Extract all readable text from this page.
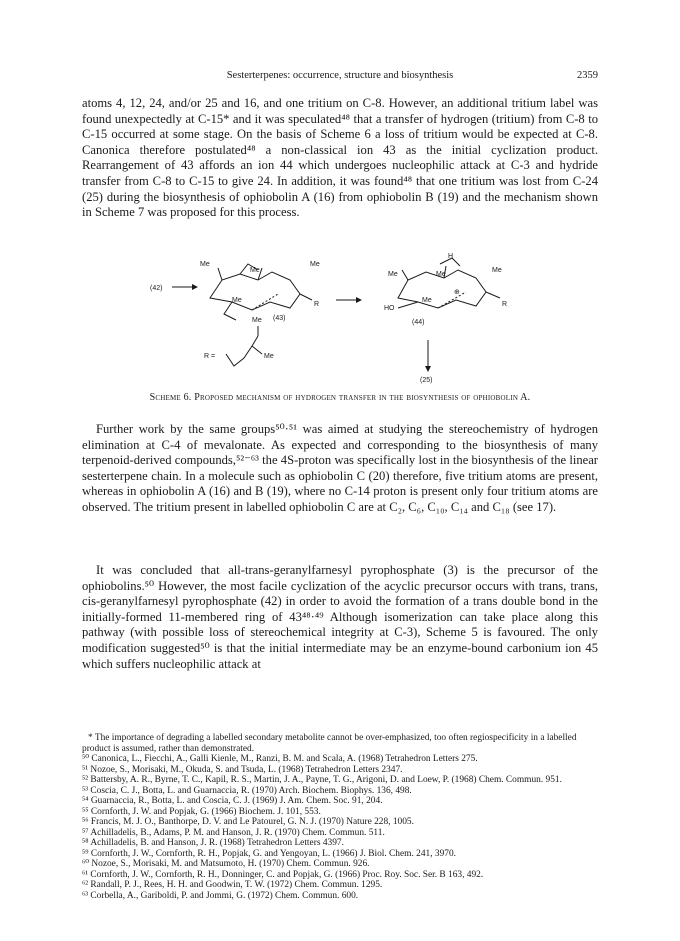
Sesterterpenes: occurrence, structure and biosynthesis	2359

atoms 4, 12, 24, and/or 25 and 16, and one tritium on C-8. However, an additional tritium label was found unexpectedly at C-15* and it was speculated⁴⁸ that a transfer of hydrogen (tritium) from C-8 to C-15 occurred at some stage. On the basis of Scheme 6 a loss of tritium would be expected at C-8. Canonica therefore postulated⁴⁸ a non-classical ion 43 as the initial cyclization product. Rearrangement of 43 affords an ion 44 which undergoes nucleophilic attack at C-3 and hydride transfer from C-8 to C-15 to give 24. In addition, it was found⁴⁸ that one tritium was lost from C-24 (25) during the biosynthesis of ophiobolin A (16) from ophiobolin B (19) and the mechanism shown in Scheme 7 was proposed for this process.

(42)
Me
Me
Me
Me
R
(43)
H
Me	Me
Me
Me
HO
R
⊕
(44)
R =
Me
Me
(25)
Scheme 6. Proposed mechanism of hydrogen transfer in the biosynthesis of ophiobolin A.

Further work by the same groups⁵⁰·⁵¹ was aimed at studying the stereochemistry of hydrogen elimination at C-4 of mevalonate. As expected and corresponding to the biosynthesis of many terpenoid-derived compounds,⁵²⁻⁶³ the 4S-proton was specifically lost in the biosynthesis of the linear sesterterpene chain. In a molecule such as ophiobolin C (20) therefore, five tritium atoms are present, whereas in ophiobolin A (16) and B (19), where no C-14 proton is present only four tritium atoms are observed. The tritium present in labelled ophiobolin C are at C₂, C₆, C₁₀, C₁₄ and C₁₈ (see 17).

It was concluded that all-trans-geranylfarnesyl pyrophosphate (3) is the precursor of the ophiobolins.⁵⁰ However, the most facile cyclization of the acyclic precursor occurs with trans, trans, cis-geranylfarnesyl pyrophosphate (42) in order to avoid the formation of a trans double bond in the initially-formed 11-membered ring of 43⁴⁸·⁴⁹ Although isomerization can take place along this pathway (with possible loss of stereochemical integrity at C-3), Scheme 5 is favoured. The only modification suggested⁵⁰ is that the initial intermediate may be an enzyme-bound carbonium ion 45 which suffers nucleophilic attack at

* The importance of degrading a labelled secondary metabolite cannot be over-emphasized, too often regiospecificity in a labelled product is assumed, rather than demonstrated.

⁵⁰ Canonica, L., Fiecchi, A., Galli Kienle, M., Ranzi, B. M. and Scala, A. (1968) Tetrahedron Letters 275.

⁵¹ Nozoe, S., Morisaki, M., Okuda, S. and Tsuda, L. (1968) Tetrahedron Letters 2347.

⁵² Battersby, A. R., Byrne, T. C., Kapil, R. S., Martin, J. A., Payne, T. G., Arigoni, D. and Loew, P. (1968) Chem. Commun. 951.

⁵³ Coscia, C. J., Botta, L. and Guarnaccia, R. (1970) Arch. Biochem. Biophys. 136, 498.

⁵⁴ Guarnaccia, R., Botta, L. and Coscia, C. J. (1969) J. Am. Chem. Soc. 91, 204.

⁵⁵ Cornforth, J. W. and Popjak, G. (1966) Biochem. J. 101, 553.

⁵⁶ Francis, M. J. O., Banthorpe, D. V. and Le Patourel, G. N. J. (1970) Nature 228, 1005.

⁵⁷ Achilladelis, B., Adams, P. M. and Hanson, J. R. (1970) Chem. Commun. 511.

⁵⁸ Achilladelis, B. and Hanson, J. R. (1968) Tetrahedron Letters 4397.

⁵⁹ Cornforth, J. W., Cornforth, R. H., Popjak, G. and Yengoyan, L. (1966) J. Biol. Chem. 241, 3970.

⁶⁰ Nozoe, S., Morisaki, M. and Matsumoto, H. (1970) Chem. Commun. 926.

⁶¹ Cornforth, J. W., Cornforth, R. H., Donninger, C. and Popjak, G. (1966) Proc. Roy. Soc. Ser. B 163, 492.

⁶² Randall, P. J., Rees, H. H. and Goodwin, T. W. (1972) Chem. Commun. 1295.

⁶³ Corbella, A., Gariboldi, P. and Jommi, G. (1972) Chem. Commun. 600.
